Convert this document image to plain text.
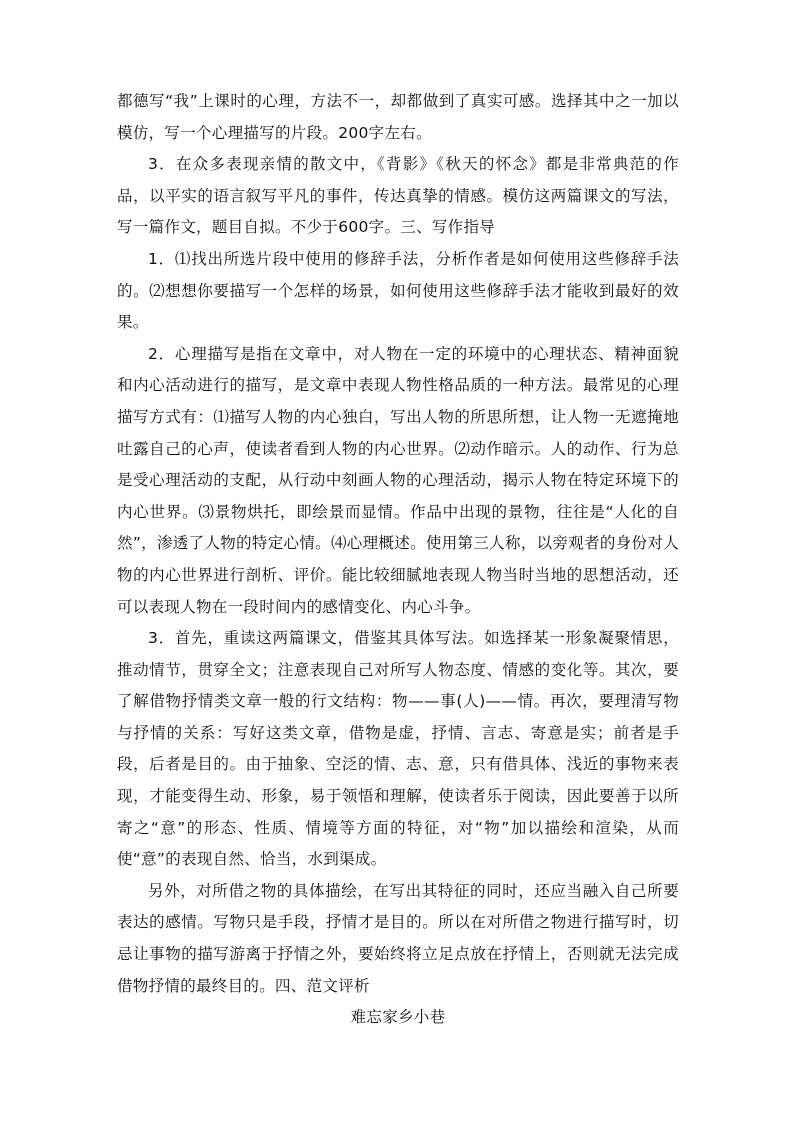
都德写“我”上课时的心理，方法不一，却都做到了真实可感。选择其中之一加以模仿，写一个心理描写的片段。200字左右。

3．在众多表现亲情的散文中，《背影》《秋天的怀念》都是非常典范的作品，以平实的语言叙写平凡的事件，传达真挚的情感。模仿这两篇课文的写法，写一篇作文，题目自拟。不少于600字。三、写作指导

1．⑴找出所选片段中使用的修辞手法，分析作者是如何使用这些修辞手法的。⑵想想你要描写一个怎样的场景，如何使用这些修辞手法才能收到最好的效果。

2．心理描写是指在文章中，对人物在一定的环境中的心理状态、精神面貌和内心活动进行的描写，是文章中表现人物性格品质的一种方法。最常见的心理描写方式有：⑴描写人物的内心独白，写出人物的所思所想，让人物一无遮掩地吐露自己的心声，使读者看到人物的内心世界。⑵动作暗示。人的动作、行为总是受心理活动的支配，从行动中刻画人物的心理活动，揭示人物在特定环境下的内心世界。⑶景物烘托，即绘景而显情。作品中出现的景物，往往是“人化的自然”，渗透了人物的特定心情。⑷心理概述。使用第三人称，以旁观者的身份对人物的内心世界进行剖析、评价。能比较细腻地表现人物当时当地的思想活动，还可以表现人物在一段时间内的感情变化、内心斗争。

3．首先，重读这两篇课文，借鉴其具体写法。如选择某一形象凝聚情思，推动情节，贯穿全文；注意表现自己对所写人物态度、情感的变化等。其次，要了解借物抒情类文章一般的行文结构：物——事(人)——情。再次，要理清写物与抒情的关系：写好这类文章，借物是虚，抒情、言志、寄意是实；前者是手段，后者是目的。由于抽象、空泛的情、志、意，只有借具体、浅近的事物来表现，才能变得生动、形象，易于领悟和理解，使读者乐于阅读，因此要善于以所寄之“意”的形态、性质、情境等方面的特征，对“物”加以描绘和渲染，从而使“意”的表现自然、恰当，水到渠成。

另外，对所借之物的具体描绘，在写出其特征的同时，还应当融入自己所要表达的感情。写物只是手段，抒情才是目的。所以在对所借之物进行描写时，切忌让事物的描写游离于抒情之外，要始终将立足点放在抒情上，否则就无法完成借物抒情的最终目的。四、范文评析

难忘家乡小巷
